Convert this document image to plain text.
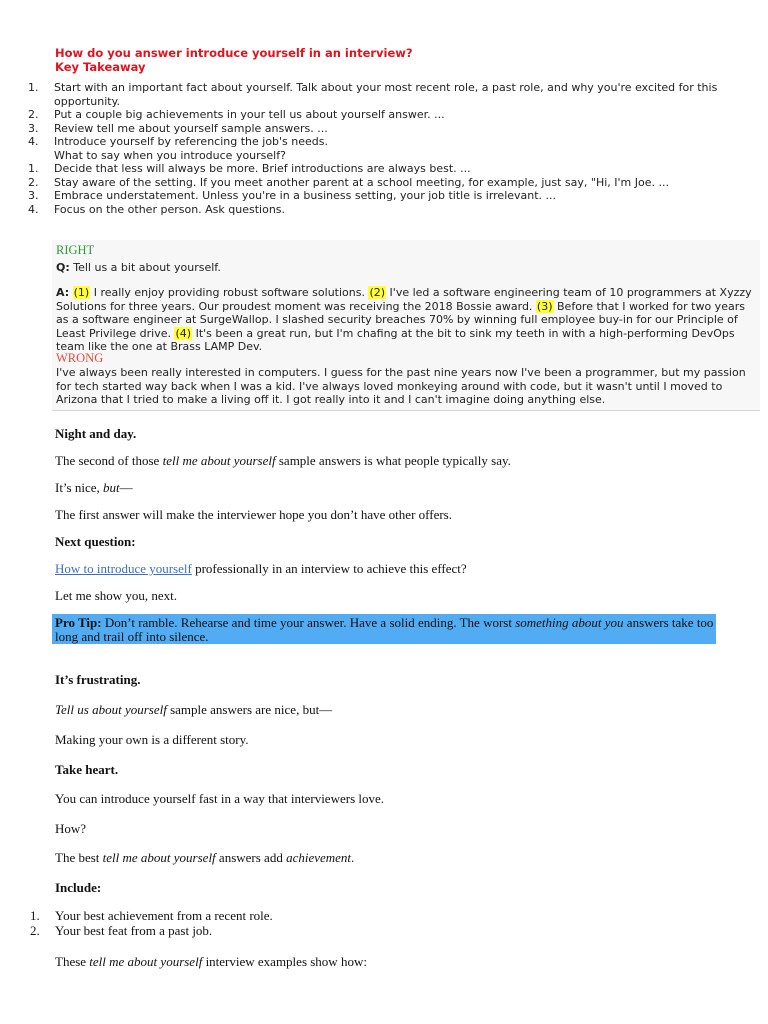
How do you answer introduce yourself in an interview?
Key Takeaway
1. Start with an important fact about yourself. Talk about your most recent role, a past role, and why you're excited for this opportunity.
2. Put a couple big achievements in your tell us about yourself answer. ...
3. Review tell me about yourself sample answers. ...
4. Introduce yourself by referencing the job's needs.
What to say when you introduce yourself?
1. Decide that less will always be more. Brief introductions are always best. ...
2. Stay aware of the setting. If you meet another parent at a school meeting, for example, just say, "Hi, I'm Joe. ...
3. Embrace understatement. Unless you're in a business setting, your job title is irrelevant. ...
4. Focus on the other person. Ask questions.
RIGHT
Q: Tell us a bit about yourself.
A: (1) I really enjoy providing robust software solutions. (2) I've led a software engineering team of 10 programmers at Xyzzy Solutions for three years. Our proudest moment was receiving the 2018 Bossie award. (3) Before that I worked for two years as a software engineer at SurgeWallop. I slashed security breaches 70% by winning full employee buy-in for our Principle of Least Privilege drive. (4) It's been a great run, but I'm chafing at the bit to sink my teeth in with a high-performing DevOps team like the one at Brass LAMP Dev.
WRONG
I've always been really interested in computers. I guess for the past nine years now I've been a programmer, but my passion for tech started way back when I was a kid. I've always loved monkeying around with code, but it wasn't until I moved to Arizona that I tried to make a living off it. I got really into it and I can't imagine doing anything else.
Night and day.
The second of those tell me about yourself sample answers is what people typically say.
It’s nice, but—
The first answer will make the interviewer hope you don’t have other offers.
Next question:
How to introduce yourself professionally in an interview to achieve this effect?
Let me show you, next.
Pro Tip: Don’t ramble. Rehearse and time your answer. Have a solid ending. The worst something about you answers take too long and trail off into silence.
It’s frustrating.
Tell us about yourself sample answers are nice, but—
Making your own is a different story.
Take heart.
You can introduce yourself fast in a way that interviewers love.
How?
The best tell me about yourself answers add achievement.
Include:
1. Your best achievement from a recent role.
2. Your best feat from a past job.
These tell me about yourself interview examples show how:
